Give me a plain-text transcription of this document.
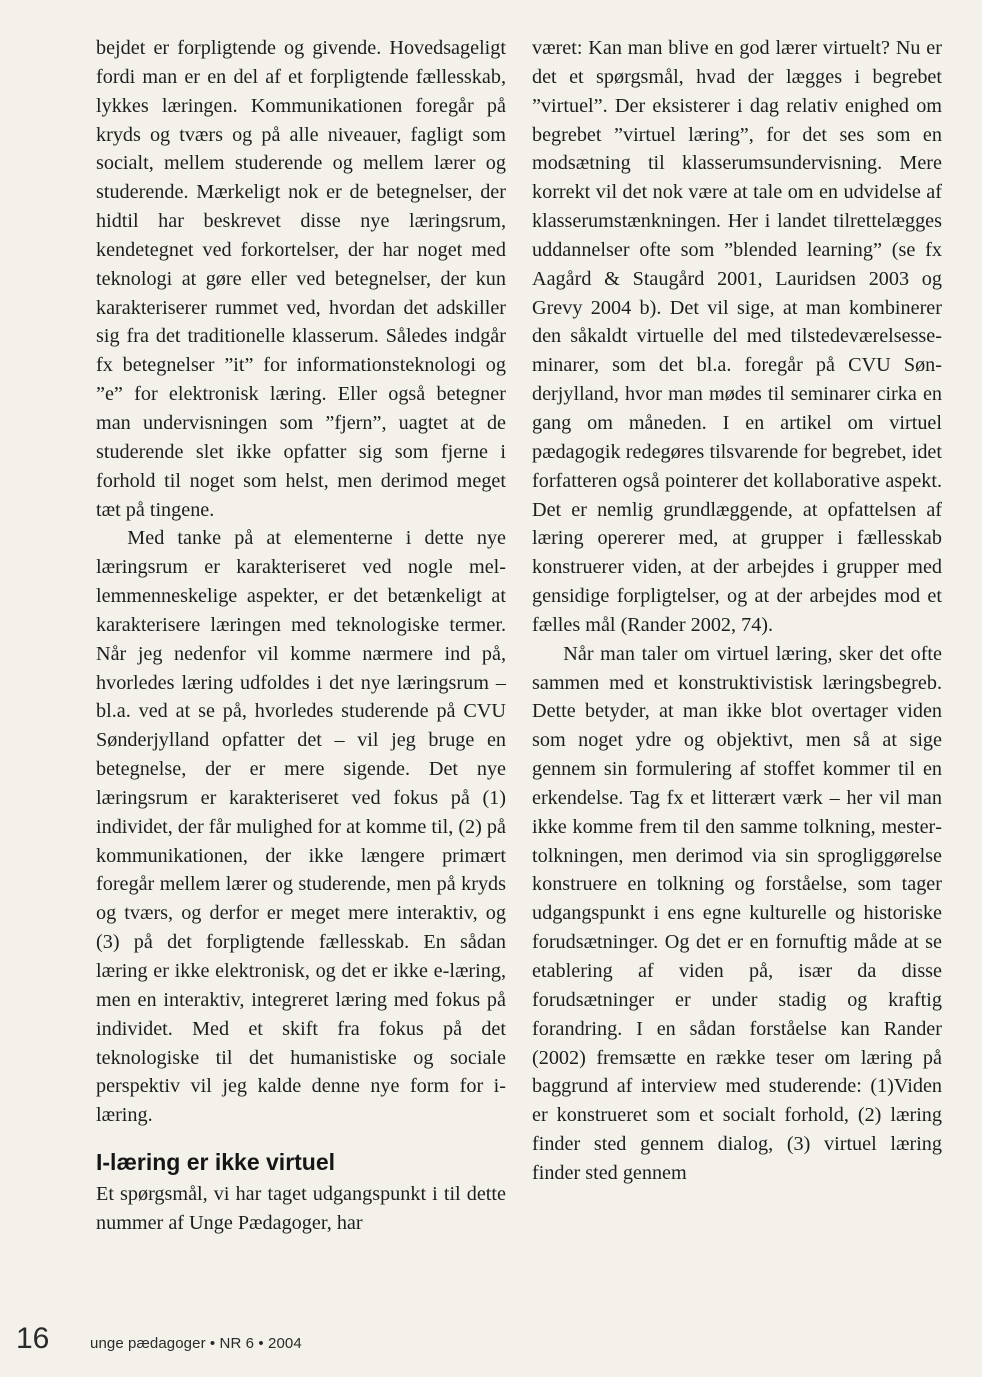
bejdet er forpligtende og givende. Hovedsageligt fordi man er en del af et forpligtende fællesskab, lykkes læringen. Kommunikationen foregår på kryds og tværs og på alle niveauer, fagligt som socialt, mellem studerende og mellem lærer og studerende. Mærkeligt nok er de betegnelser, der hidtil har beskrevet disse nye læringsrum, kendetegnet ved forkortelser, der har noget med teknologi at gøre eller ved betegnelser, der kun karakteriserer rummet ved, hvordan det adskiller sig fra det traditionelle klasserum. Således indgår fx betegnelser ”it” for informationsteknologi og ”e” for elektronisk læring. Eller også betegner man undervisningen som ”fjern”, uagtet at de studerende slet ikke opfatter sig som fjerne i forhold til noget som helst, men derimod meget tæt på tingene.

Med tanke på at elementerne i dette nye læringsrum er karakteriseret ved nogle mellemmenneskelige aspekter, er det betænkeligt at karakterisere læringen med teknologiske termer. Når jeg nedenfor vil komme nærmere ind på, hvorledes læring udfoldes i det nye læringsrum – bl.a. ved at se på, hvorledes studerende på CVU Sønderjylland opfatter det – vil jeg bruge en betegnelse, der er mere sigende. Det nye læringsrum er karakteriseret ved fokus på (1) individet, der får mulighed for at komme til, (2) på kommunikationen, der ikke længere primært foregår mellem lærer og studerende, men på kryds og tværs, og derfor er meget mere interaktiv, og (3) på det forpligtende fællesskab. En sådan læring er ikke elektronisk, og det er ikke e-læring, men en interaktiv, integreret læring med fokus på individet. Med et skift fra fokus på det teknologiske til det humanistiske og sociale perspektiv vil jeg kalde denne nye form for i-læring.

I-læring er ikke virtuel

Et spørgsmål, vi har taget udgangspunkt i til dette nummer af Unge Pædagoger, har

været: Kan man blive en god lærer virtuelt? Nu er det et spørgsmål, hvad der lægges i begrebet ”virtuel”. Der eksisterer i dag relativ enighed om begrebet ”virtuel læring”, for det ses som en modsætning til klasserumsundervisning. Mere korrekt vil det nok være at tale om en udvidelse af klasserumstænkningen. Her i landet tilrettelægges uddannelser ofte som ”blended learning” (se fx Aagård & Staugård 2001, Lauridsen 2003 og Grevy 2004 b). Det vil sige, at man kombinerer den såkaldt virtuelle del med tilstedeværelsesseminarer, som det bl.a. foregår på CVU Sønderjylland, hvor man mødes til seminarer cirka en gang om måneden. I en artikel om virtuel pædagogik redegøres tilsvarende for begrebet, idet forfatteren også pointerer det kollaborative aspekt. Det er nemlig grundlæggende, at opfattelsen af læring opererer med, at grupper i fællesskab konstruerer viden, at der arbejdes i grupper med gensidige forpligtelser, og at der arbejdes mod et fælles mål (Rander 2002, 74).

Når man taler om virtuel læring, sker det ofte sammen med et konstruktivistisk læringsbegreb. Dette betyder, at man ikke blot overtager viden som noget ydre og objektivt, men så at sige gennem sin formulering af stoffet kommer til en erkendelse. Tag fx et litterært værk – her vil man ikke komme frem til den samme tolkning, mestertolkningen, men derimod via sin sprogliggørelse konstruere en tolkning og forståelse, som tager udgangspunkt i ens egne kulturelle og historiske forudsætninger. Og det er en fornuftig måde at se etablering af viden på, især da disse forudsætninger er under stadig og kraftig forandring. I en sådan forståelse kan Rander (2002) fremsætte en række teser om læring på baggrund af interview med studerende: (1)Viden er konstrueret som et socialt forhold, (2) læring finder sted gennem dialog, (3) virtuel læring finder sted gennem

16	unge pædagoger • NR 6 • 2004
